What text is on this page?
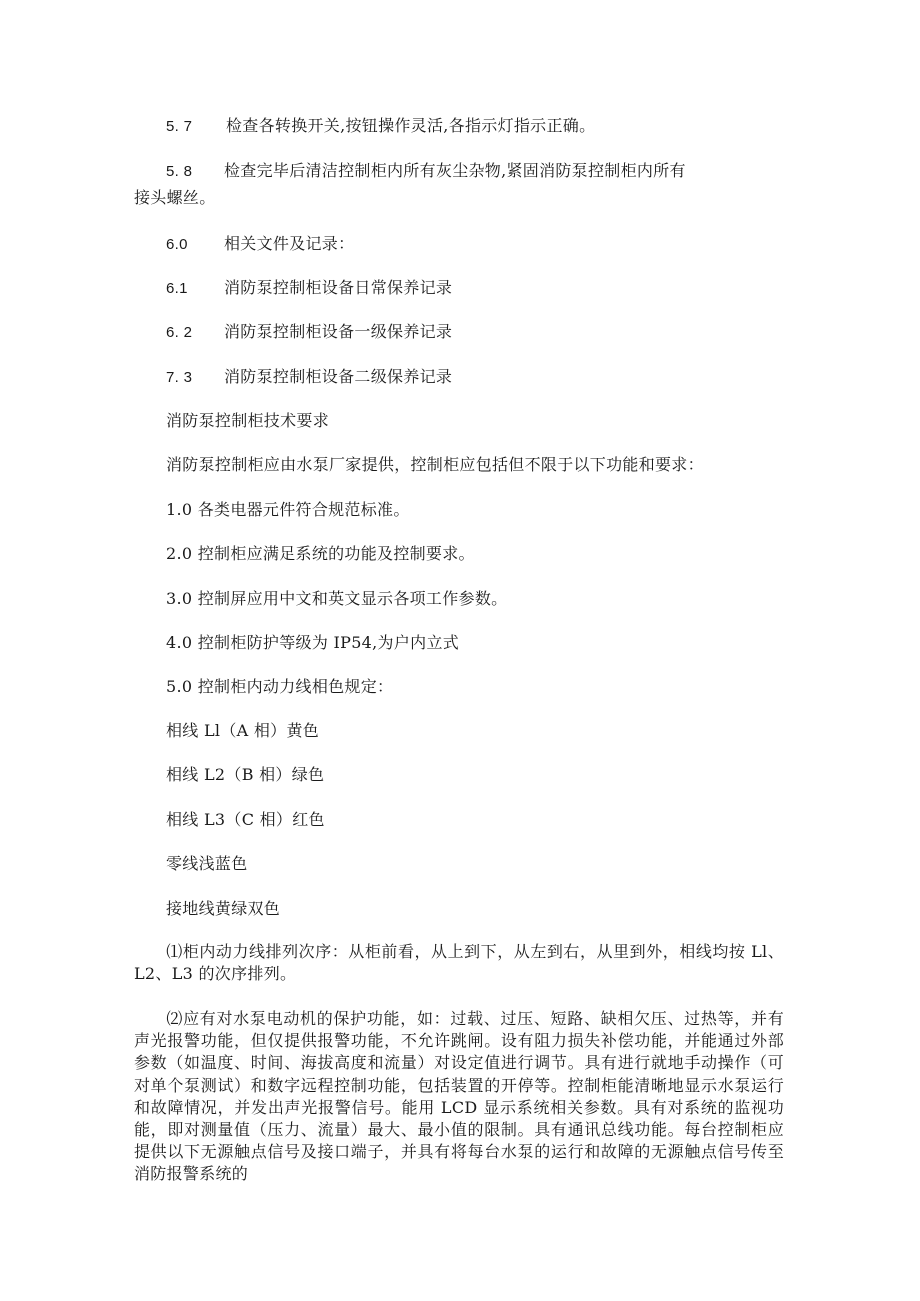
5. 7 检查各转换开关,按钮操作灵活,各指示灯指示正确。
5. 8 检查完毕后清洁控制柜内所有灰尘杂物,紧固消防泵控制柜内所有
接头螺丝。
6.0 相关文件及记录：
6.1 消防泵控制柜设备日常保养记录
6. 2 消防泵控制柜设备一级保养记录
7. 3 消防泵控制柜设备二级保养记录
消防泵控制柜技术要求
消防泵控制柜应由水泵厂家提供，控制柜应包括但不限于以下功能和要求：
1.0 各类电器元件符合规范标准。
2.0 控制柜应满足系统的功能及控制要求。
3.0 控制屏应用中文和英文显示各项工作参数。
4.0 控制柜防护等级为 IP54,为户内立式
5.0 控制柜内动力线相色规定：
相线 Ll（A 相）黄色
相线 L2（B 相）绿色
相线 L3（C 相）红色
零线浅蓝色
接地线黄绿双色
⑴柜内动力线排列次序：从柜前看，从上到下，从左到右，从里到外，相线均按 Ll、L2、L3 的次序排列。
⑵应有对水泵电动机的保护功能，如：过载、过压、短路、缺相欠压、过热等，并有声光报警功能，但仅提供报警功能，不允许跳闸。设有阻力损失补偿功能，并能通过外部参数（如温度、时间、海拔高度和流量）对设定值进行调节。具有进行就地手动操作（可对单个泵测试）和数字远程控制功能，包括装置的开停等。控制柜能清晰地显示水泵运行和故障情况，并发出声光报警信号。能用 LCD 显示系统相关参数。具有对系统的监视功能，即对测量值（压力、流量）最大、最小值的限制。具有通讯总线功能。每台控制柜应提供以下无源触点信号及接口端子，并具有将每台水泵的运行和故障的无源触点信号传至消防报警系统的
